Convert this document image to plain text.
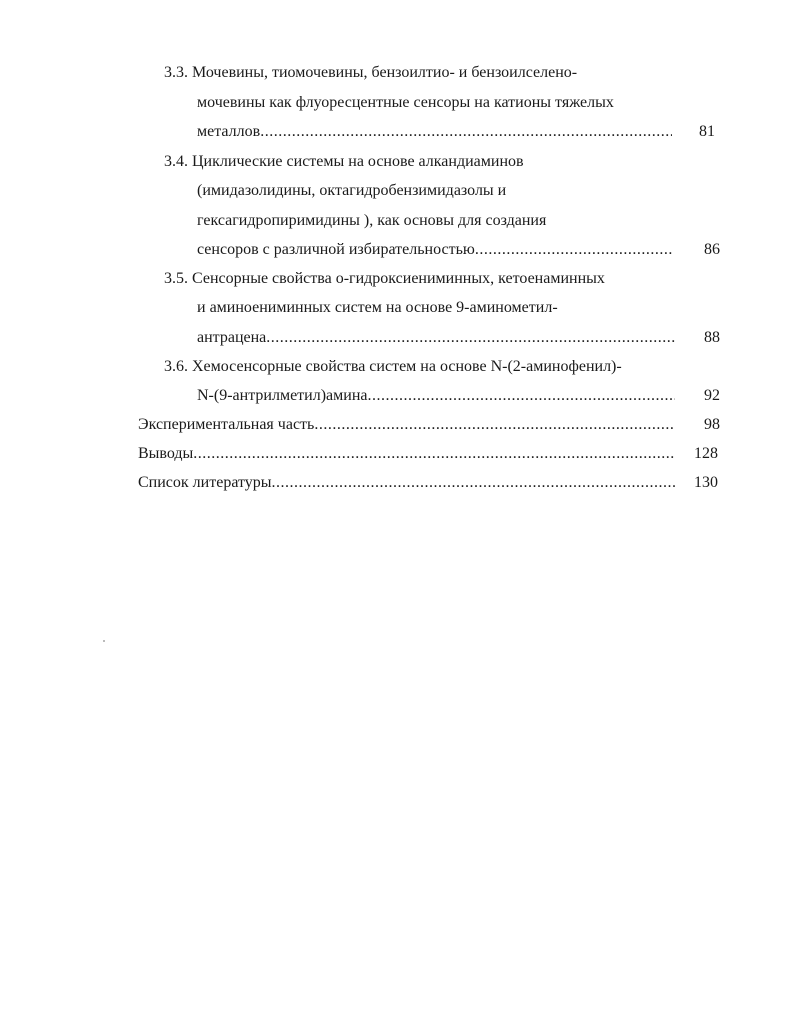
3.3. Мочевины, тиомочевины, бензоилтио- и бензоилселено-
мочевины как флуоресцентные сенсоры на катионы тяжелых
металлов .....	81
3.4. Циклические системы на основе алкандиаминов
(имидазолидины, октагидробензимидазолы и
гексагидропиримидины ), как основы для создания
сенсоров с различной избирательностью .....	86
3.5. Сенсорные свойства о-гидроксиениминных, кетоенаминных
и аминоениминных систем на основе 9-аминометил-
антрацена .....	88
3.6. Хемосенсорные свойства систем на основе N-(2-аминофенил)-
N-(9-антрилметил)амина .....	92
Экспериментальная часть .....	98
Выводы .....	128
Список литературы .....	130
